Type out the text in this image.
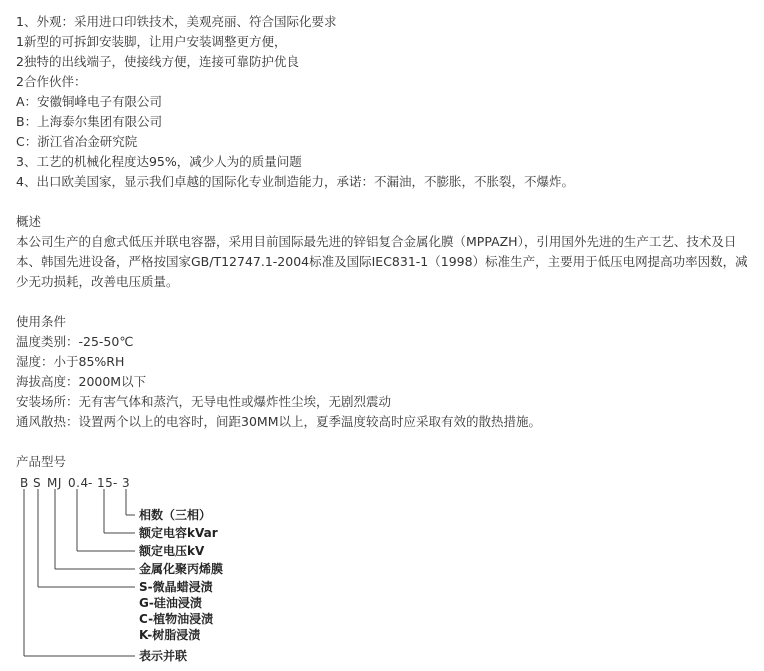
1、外观：采用进口印铁技术，美观亮丽、符合国际化要求
1新型的可拆卸安装脚，让用户安装调整更方便，
2独特的出线端子，使接线方便，连接可靠防护优良
2合作伙伴：
A：安徽铜峰电子有限公司
B：上海泰尔集团有限公司
C：浙江省冶金研究院
3、工艺的机械化程度达95%，减少人为的质量问题
4、出口欧美国家，显示我们卓越的国际化专业制造能力，承诺：不漏油，不膨胀，不胀裂，不爆炸。
概述
本公司生产的自愈式低压并联电容器，采用目前国际最先进的锌铝复合金属化膜（MPPAZH），引用国外先进的生产工艺、技术及日本、韩国先进设备，严格按国家GB/T12747.1-2004标准及国际IEC831-1（1998）标准生产，主要用于低压电网提高功率因数，减少无功损耗，改善电压质量。
使用条件
温度类别：-25-50℃
湿度：小于85%RH
海拔高度：2000M以下
安装场所：无有害气体和蒸汽，无导电性或爆炸性尘埃，无剧烈震动
通风散热：设置两个以上的电容时，间距30MM以上，夏季温度较高时应采取有效的散热措施。
产品型号
B S MJ 0.4 - 15 - 3
相数（三相）
额定电容kVar
额定电压kV
金属化聚丙烯膜
S-微晶蜡浸渍
G-硅油浸渍
C-植物油浸渍
K-树脂浸渍
表示并联
